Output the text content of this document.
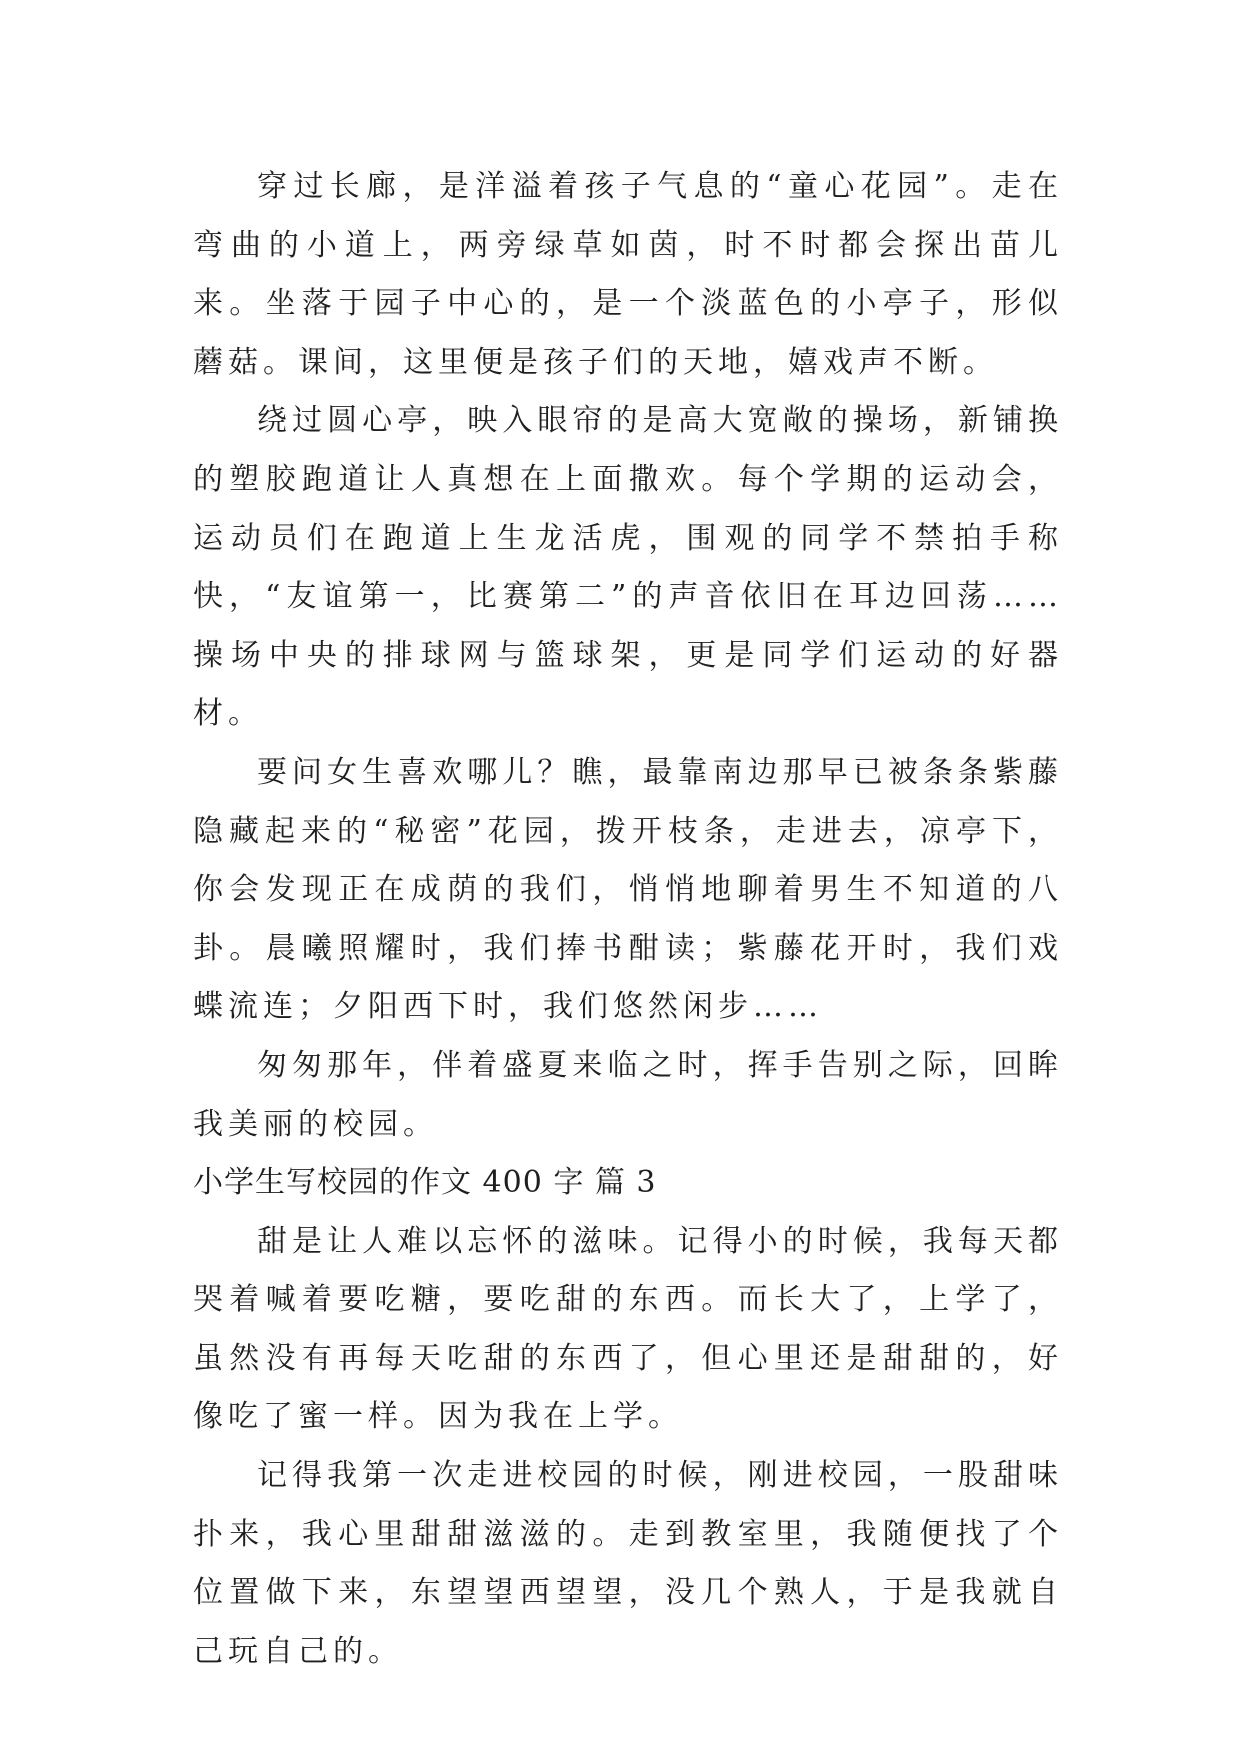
穿过长廊，是洋溢着孩子气息的“童心花园”。走在弯曲的小道上，两旁绿草如茵，时不时都会探出苗儿来。坐落于园子中心的，是一个淡蓝色的小亭子，形似蘑菇。课间，这里便是孩子们的天地，嬉戏声不断。

绕过圆心亭，映入眼帘的是高大宽敞的操场，新铺换的塑胶跑道让人真想在上面撒欢。每个学期的运动会，运动员们在跑道上生龙活虎，围观的同学不禁拍手称快，“友谊第一，比赛第二”的声音依旧在耳边回荡……操场中央的排球网与篮球架，更是同学们运动的好器材。

要问女生喜欢哪儿？瞧，最靠南边那早已被条条紫藤隐藏起来的“秘密”花园，拨开枝条，走进去，凉亭下，你会发现正在成荫的我们，悄悄地聊着男生不知道的八卦。晨曦照耀时，我们捧书酣读；紫藤花开时，我们戏蝶流连；夕阳西下时，我们悠然闲步……

匆匆那年，伴着盛夏来临之时，挥手告别之际，回眸我美丽的校园。

小学生写校园的作文 400 字 篇 3

甜是让人难以忘怀的滋味。记得小的时候，我每天都哭着喊着要吃糖，要吃甜的东西。而长大了，上学了，虽然没有再每天吃甜的东西了，但心里还是甜甜的，好像吃了蜜一样。因为我在上学。

记得我第一次走进校园的时候，刚进校园，一股甜味扑来，我心里甜甜滋滋的。走到教室里，我随便找了个位置做下来，东望望西望望，没几个熟人，于是我就自己玩自己的。
